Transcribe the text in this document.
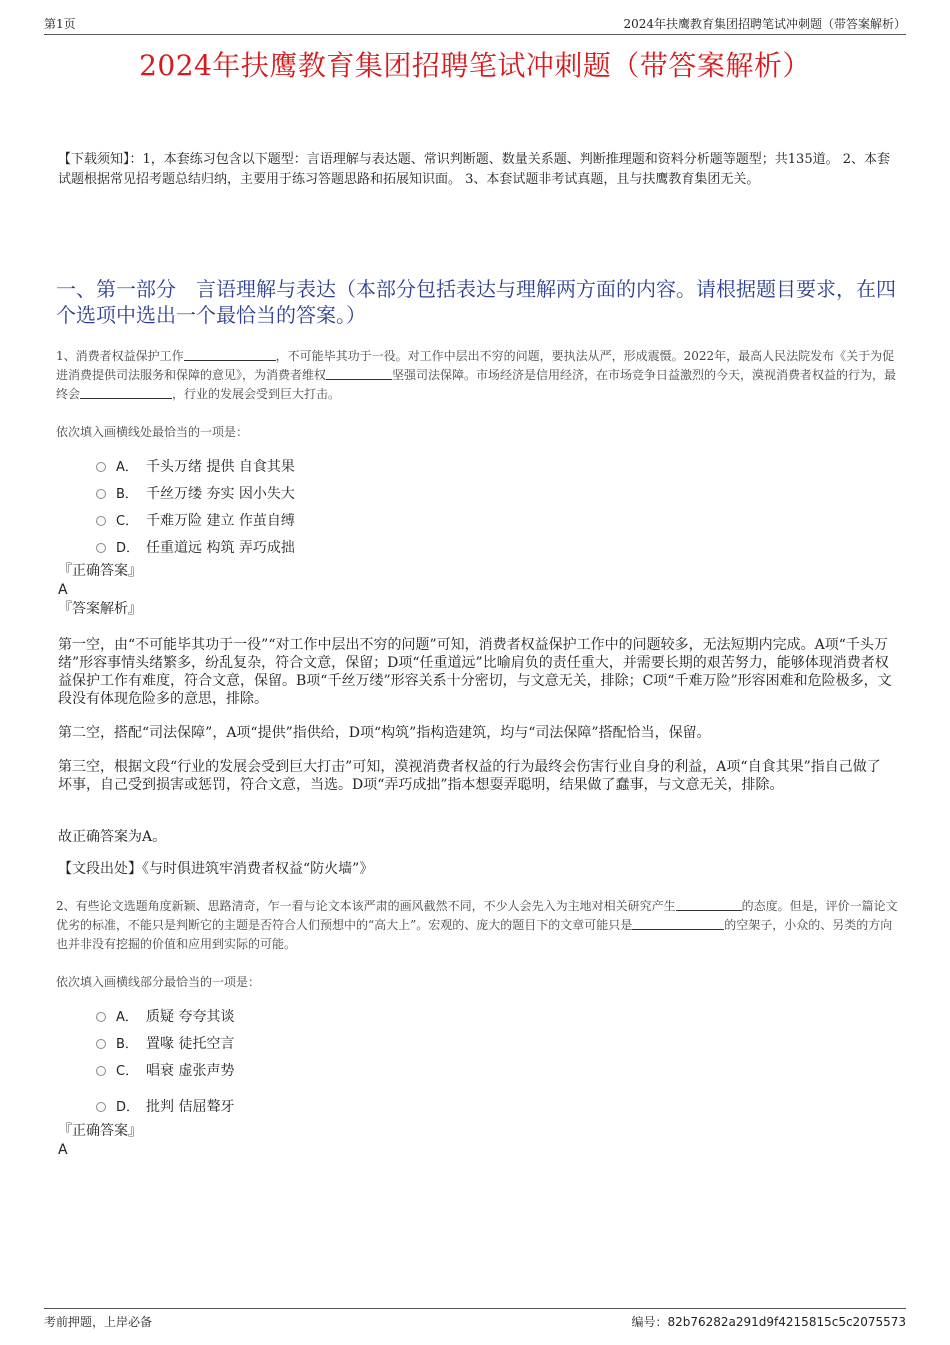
第1页	2024年扶鹰教育集团招聘笔试冲刺题（带答案解析）
2024年扶鹰教育集团招聘笔试冲刺题（带答案解析）
【下载须知】：1，本套练习包含以下题型：言语理解与表达题、常识判断题、数量关系题、判断推理题和资料分析题等题型；共135道。 2、本套试题根据常见招考题总结归纳，主要用于练习答题思路和拓展知识面。 3、本套试题非考试真题，且与扶鹰教育集团无关。
一、第一部分　言语理解与表达（本部分包括表达与理解两方面的内容。请根据题目要求，在四个选项中选出一个最恰当的答案。）
1、消费者权益保护工作	，不可能毕其功于一役。对工作中层出不穷的问题，要执法从严，形成震慑。2022年，最高人民法院发布《关于为促进消费提供司法服务和保障的意见》，为消费者维权	坚强司法保障。市场经济是信用经济，在市场竞争日益激烈的今天，漠视消费者权益的行为，最终会	，行业的发展会受到巨大打击。
依次填入画横线处最恰当的一项是：
A． 千头万绪 提供 自食其果
B． 千丝万缕 夯实 因小失大
C． 千难万险 建立 作茧自缚
D． 任重道远 构筑 弄巧成拙
『正确答案』
A
『答案解析』
第一空，由“不可能毕其功于一役”“对工作中层出不穷的问题”可知，消费者权益保护工作中的问题较多，无法短期内完成。A项“千头万绪”形容事情头绪繁多，纷乱复杂，符合文意，保留；D项“任重道远”比喻肩负的责任重大，并需要长期的艰苦努力，能够体现消费者权益保护工作有难度，符合文意，保留。B项“千丝万缕”形容关系十分密切，与文意无关，排除；C项“千难万险”形容困难和危险极多，文段没有体现危险多的意思，排除。
第二空，搭配“司法保障”，A项“提供”指供给，D项“构筑”指构造建筑，均与“司法保障”搭配恰当，保留。
第三空，根据文段“行业的发展会受到巨大打击”可知，漠视消费者权益的行为最终会伤害行业自身的利益，A项“自食其果”指自己做了坏事，自己受到损害或惩罚，符合文意，当选。D项“弄巧成拙”指本想耍弄聪明，结果做了蠢事，与文意无关，排除。
故正确答案为A。
【文段出处】《与时俱进筑牢消费者权益“防火墙”》
2、有些论文选题角度新颖、思路清奇，乍一看与论文本该严肃的画风截然不同，不少人会先入为主地对相关研究产生	的态度。但是，评价一篇论文优劣的标准，不能只是判断它的主题是否符合人们预想中的“高大上”。宏观的、庞大的题目下的文章可能只是	的空架子，小众的、另类的方向也并非没有挖掘的价值和应用到实际的可能。
依次填入画横线部分最恰当的一项是：
A． 质疑 夸夸其谈
B． 置喙 徒托空言
C． 唱衰 虚张声势
D． 批判 佶屈聱牙
『正确答案』
A
考前押题，上岸必备	编号：82b76282a291d9f4215815c5c2075573
